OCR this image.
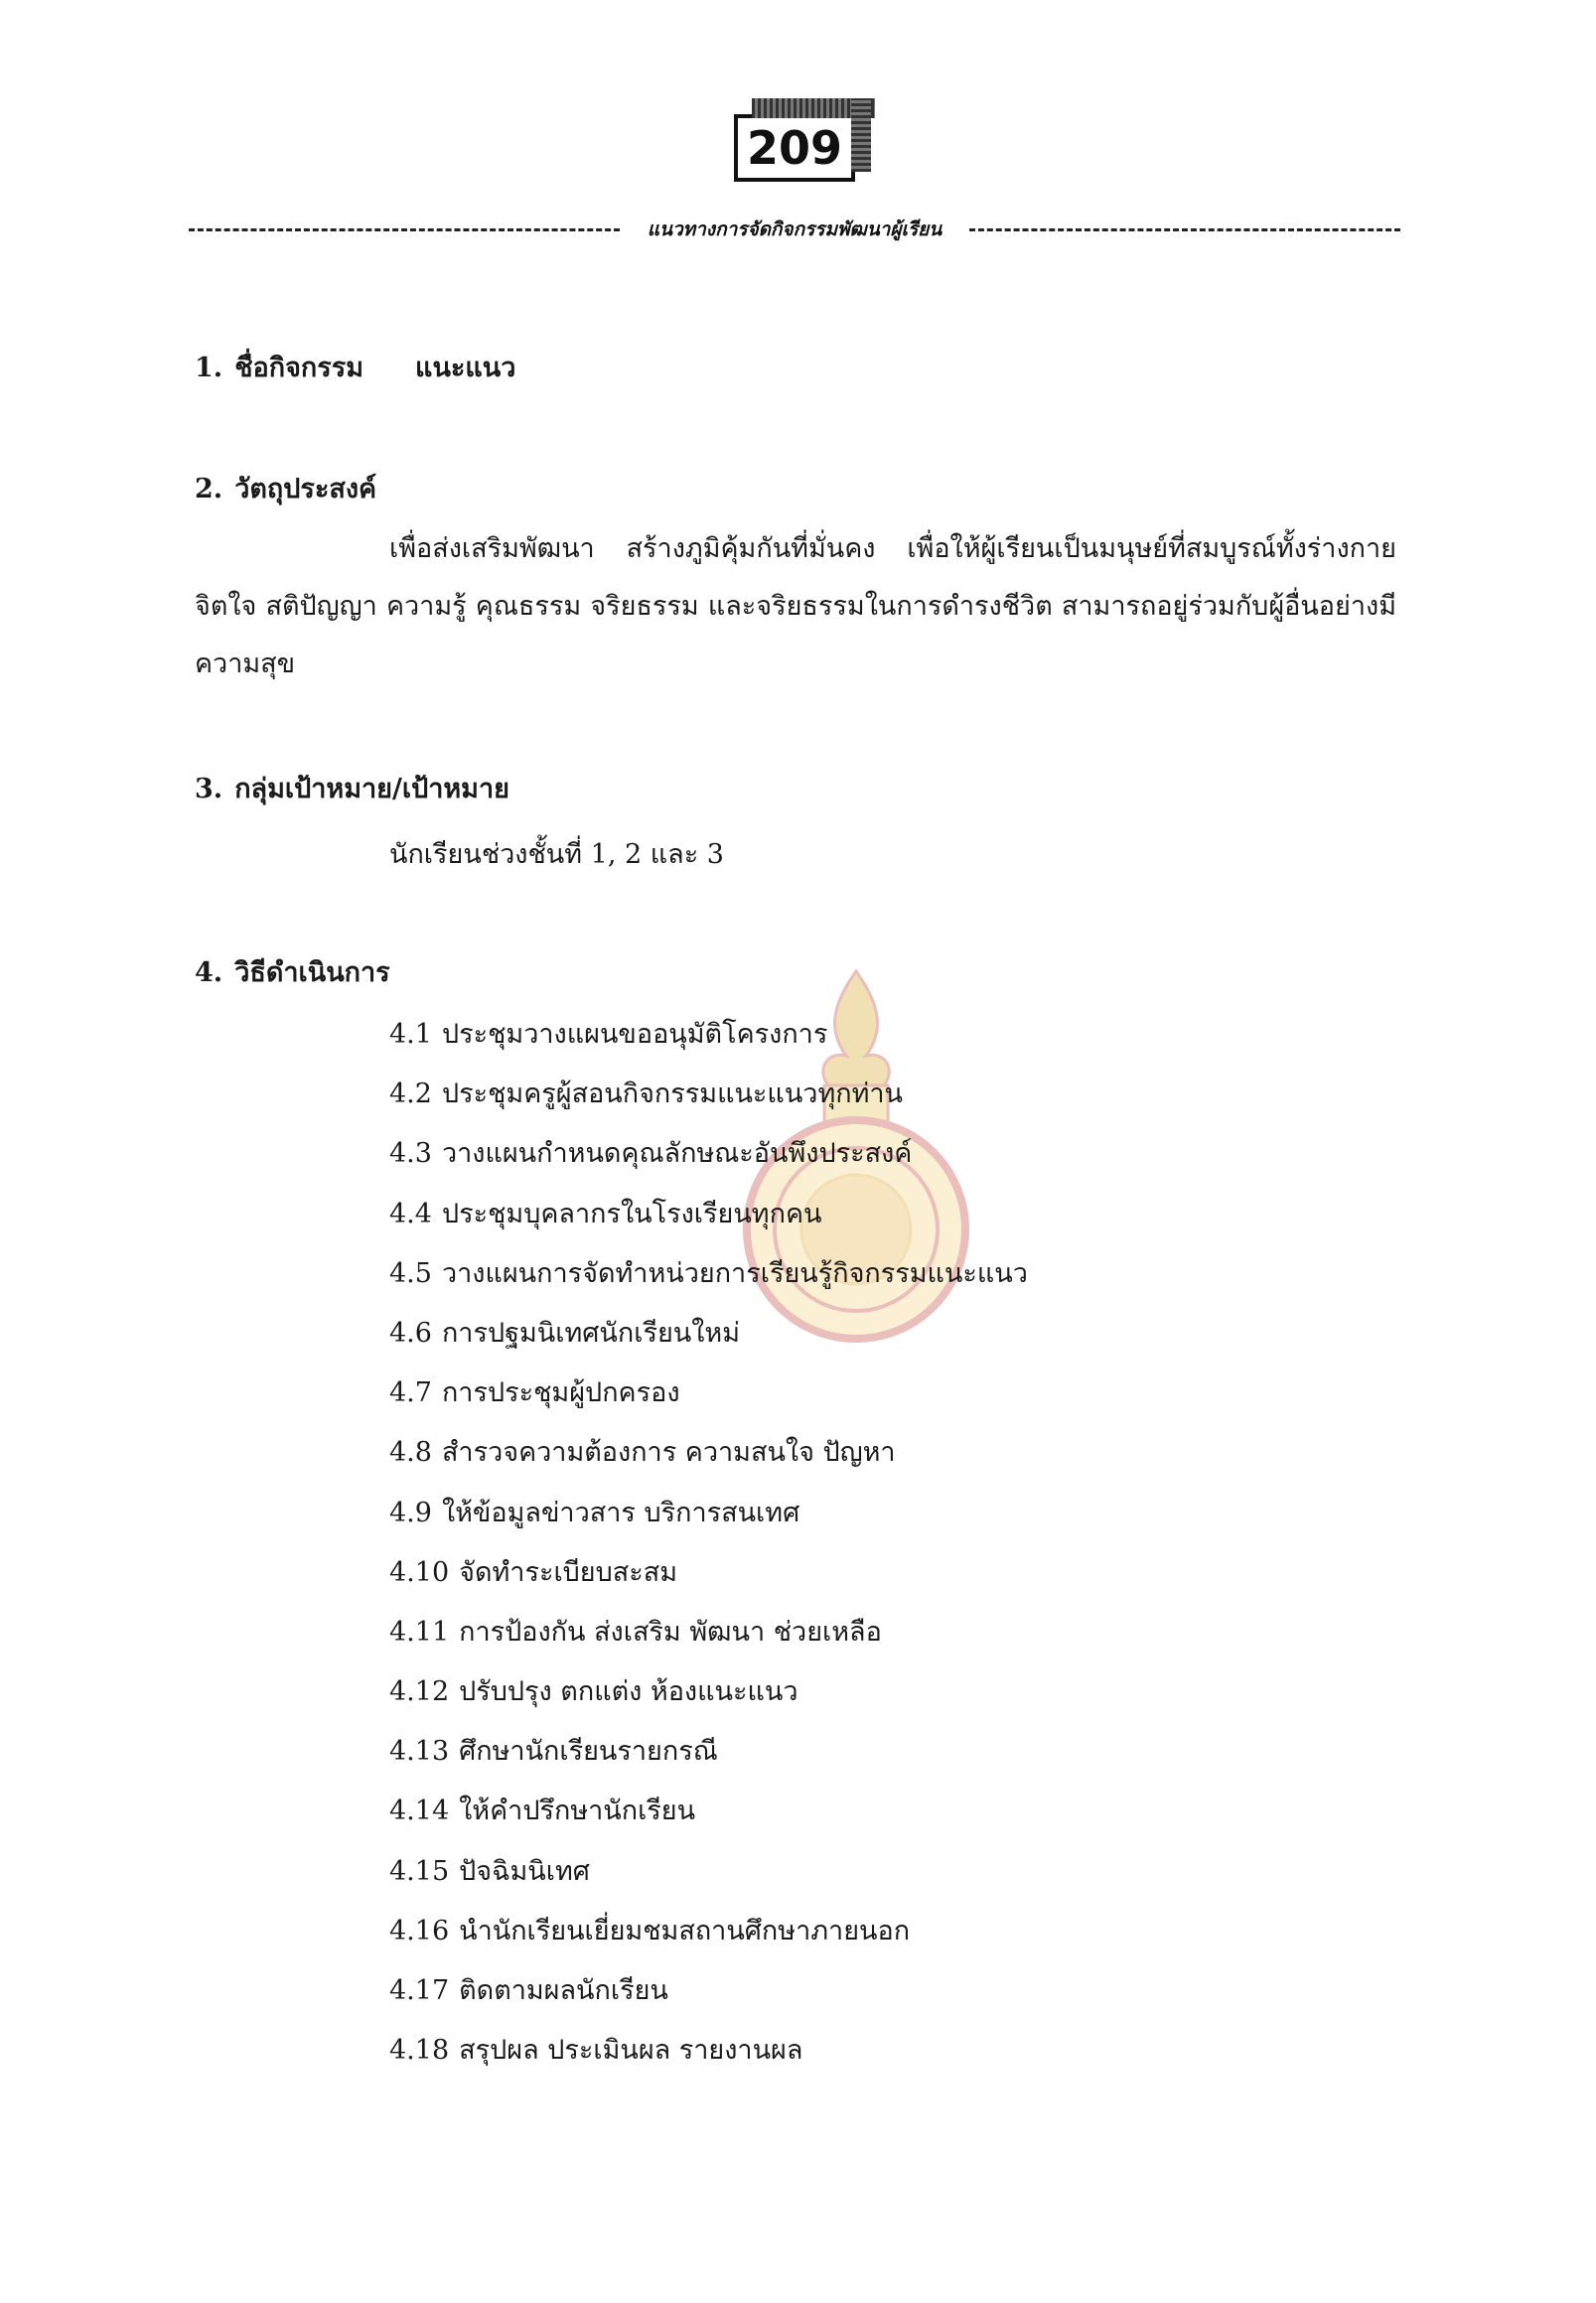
209
แนวทางการจัดกิจกรรมพัฒนาผู้เรียน
1. ชื่อกิจกรรม แนะแนว
2. วัตถุประสงค์

เพื่อส่งเสริมพัฒนา สร้างภูมิคุ้มกันที่มั่นคง เพื่อให้ผู้เรียนเป็นมนุษย์ที่สมบูรณ์ทั้งร่างกาย จิตใจ สติปัญญา ความรู้ คุณธรรม จริยธรรม และจริยธรรมในการดำรงชีวิต สามารถอยู่ร่วมกับผู้อื่นอย่างมีความสุข

3. กลุ่มเป้าหมาย/เป้าหมาย
นักเรียนช่วงชั้นที่ 1, 2 และ 3
4. วิธีดำเนินการ
4.1 ประชุมวางแผนขออนุมัติโครงการ
4.2 ประชุมครูผู้สอนกิจกรรมแนะแนวทุกท่าน
4.3 วางแผนกำหนดคุณลักษณะอันพึงประสงค์
4.4 ประชุมบุคลากรในโรงเรียนทุกคน
4.5 วางแผนการจัดทำหน่วยการเรียนรู้กิจกรรมแนะแนว
4.6 การปฐมนิเทศนักเรียนใหม่
4.7 การประชุมผู้ปกครอง
4.8 สำรวจความต้องการ ความสนใจ ปัญหา
4.9 ให้ข้อมูลข่าวสาร บริการสนเทศ
4.10 จัดทำระเบียบสะสม
4.11 การป้องกัน ส่งเสริม พัฒนา ช่วยเหลือ
4.12 ปรับปรุง ตกแต่ง ห้องแนะแนว
4.13 ศึกษานักเรียนรายกรณี
4.14 ให้คำปรึกษานักเรียน
4.15 ปัจฉิมนิเทศ
4.16 นำนักเรียนเยี่ยมชมสถานศึกษาภายนอก
4.17 ติดตามผลนักเรียน
4.18 สรุปผล ประเมินผล รายงานผล
